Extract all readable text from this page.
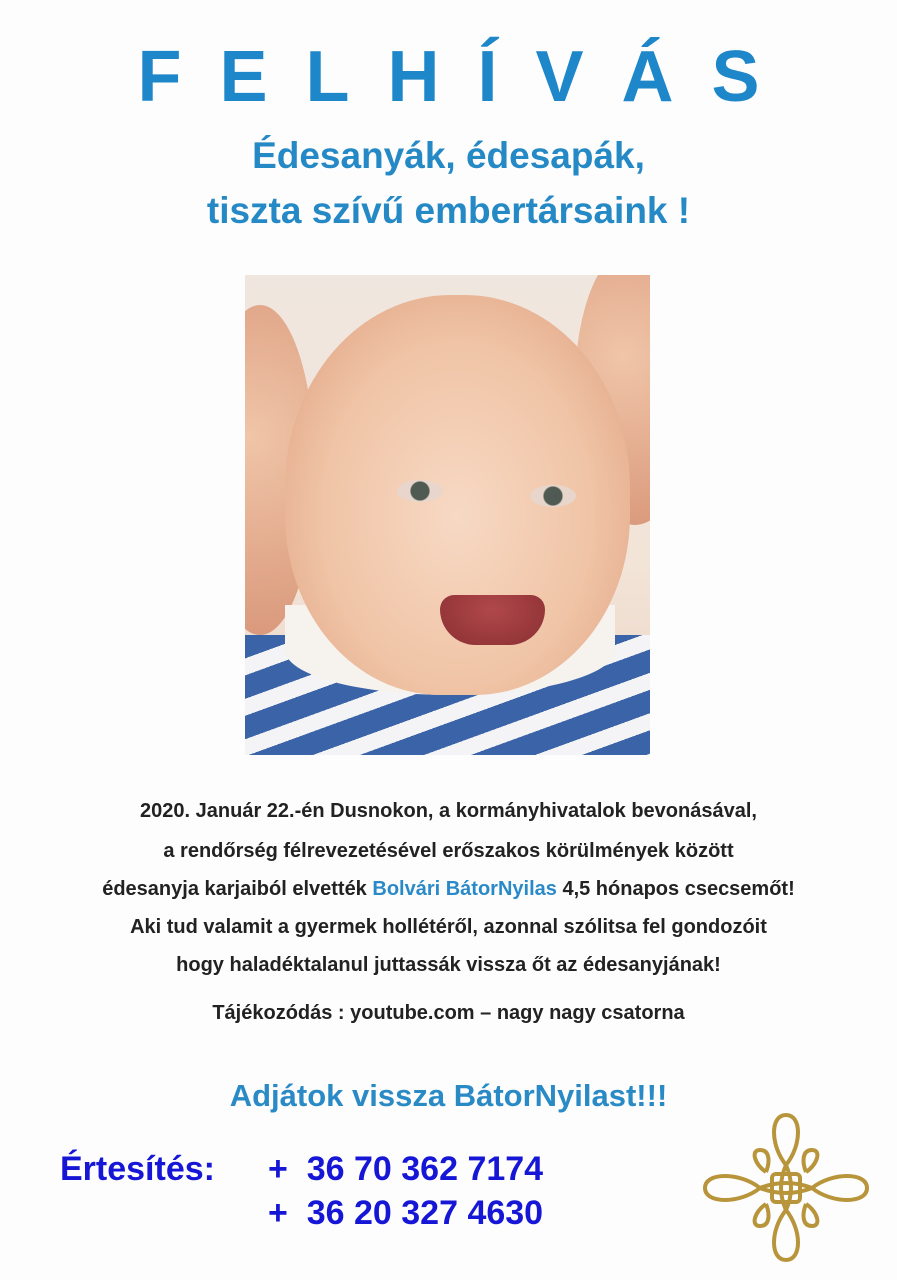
FELHÍVÁS
Édesanyák, édesapák,
tiszta szívű embertársaink !
2020. Január 22.-én Dusnokon, a kormányhivatalok bevonásával,
a rendőrség félrevezetésével erőszakos körülmények között
édesanyja karjaiból elvették Bolvári BátorNyilas 4,5 hónapos csecsemőt!
Aki tud valamit a gyermek hollétéről, azonnal szólitsa fel gondozóit
hogy haladéktalanul juttassák vissza őt az édesanyjának!
Tájékozódás : youtube.com – nagy nagy csatorna
Adjátok vissza BátorNyilast!!!
Értesítés: +  36 70 362 7174
+  36 20 327 4630
